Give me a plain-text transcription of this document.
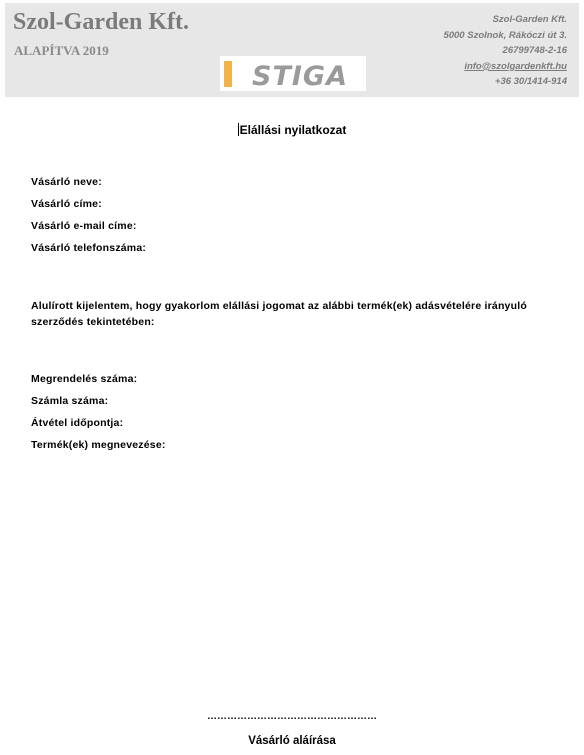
Szol-Garden Kft.
ALAPÍTVA 2019
STIGA
Szol-Garden Kft.
5000 Szolnok, Rákóczi út 3.
26799748-2-16
info@szolgardenkft.hu
+36 30/1414-914
Elállási nyilatkozat
Vásárló neve:
Vásárló címe:
Vásárló e-mail címe:
Vásárló telefonszáma:
Alulírott kijelentem, hogy gyakorlom elállási jogomat az alábbi termék(ek) adásvételére irányuló szerződés tekintetében:
Megrendelés száma:
Számla száma:
Átvétel időpontja:
Termék(ek) megnevezése:
……………………………………………
Vásárló aláírása
